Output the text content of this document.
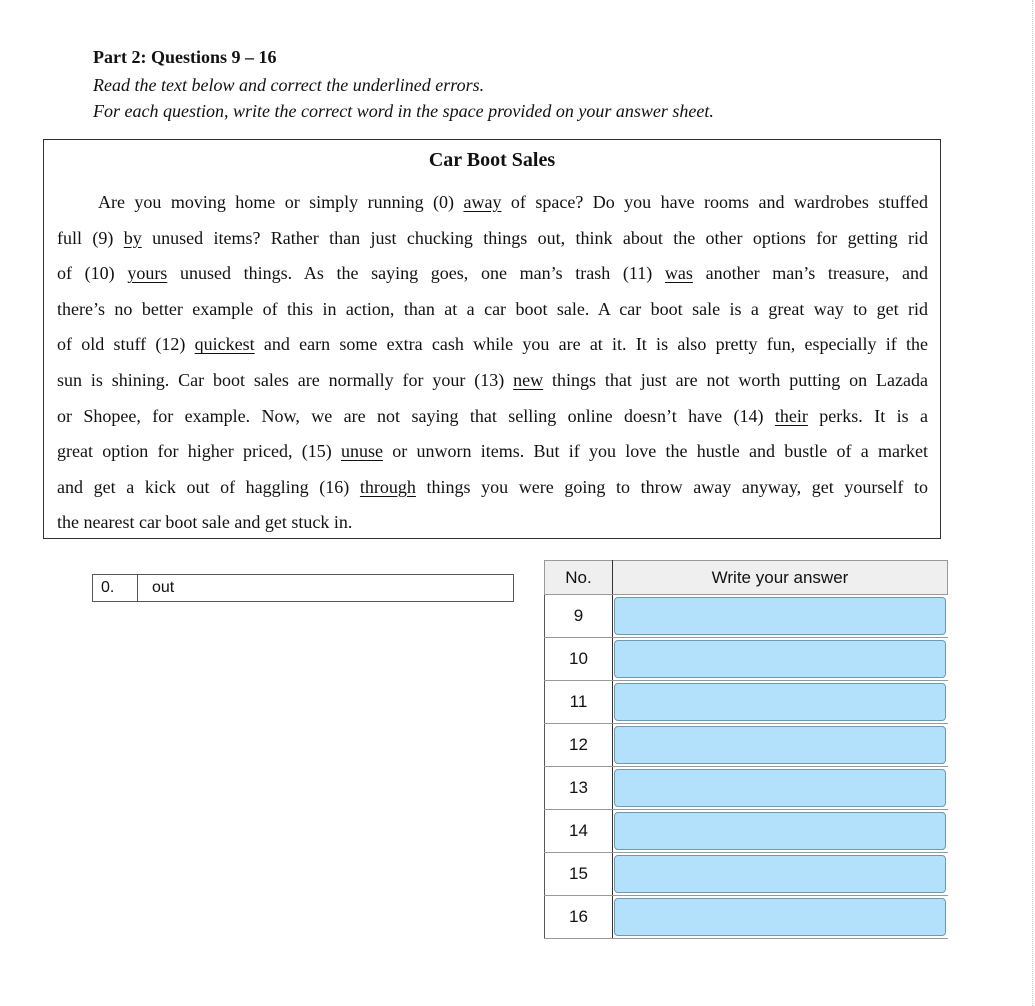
Part 2: Questions 9 – 16
Read the text below and correct the underlined errors.
For each question, write the correct word in the space provided on your answer sheet.
Car Boot Sales
Are you moving home or simply running (0) away of space? Do you have rooms and wardrobes stuffed
full (9) by unused items? Rather than just chucking things out, think about the other options for getting rid
of (10) yours unused things. As the saying goes, one man’s trash (11) was another man’s treasure, and
there’s no better example of this in action, than at a car boot sale. A car boot sale is a great way to get rid
of old stuff (12) quickest and earn some extra cash while you are at it. It is also pretty fun, especially if the
sun is shining. Car boot sales are normally for your (13) new things that just are not worth putting on Lazada
or Shopee, for example. Now, we are not saying that selling online doesn’t have (14) their perks. It is a
great option for higher priced, (15) unuse or unworn items. But if you love the hustle and bustle of a market
and get a kick out of haggling (16) through things you were going to throw away anyway, get yourself to
the nearest car boot sale and get stuck in.
0.	out
No.	Write your answer
9	

10	

11	

12	

13	

14	

15	

16	
